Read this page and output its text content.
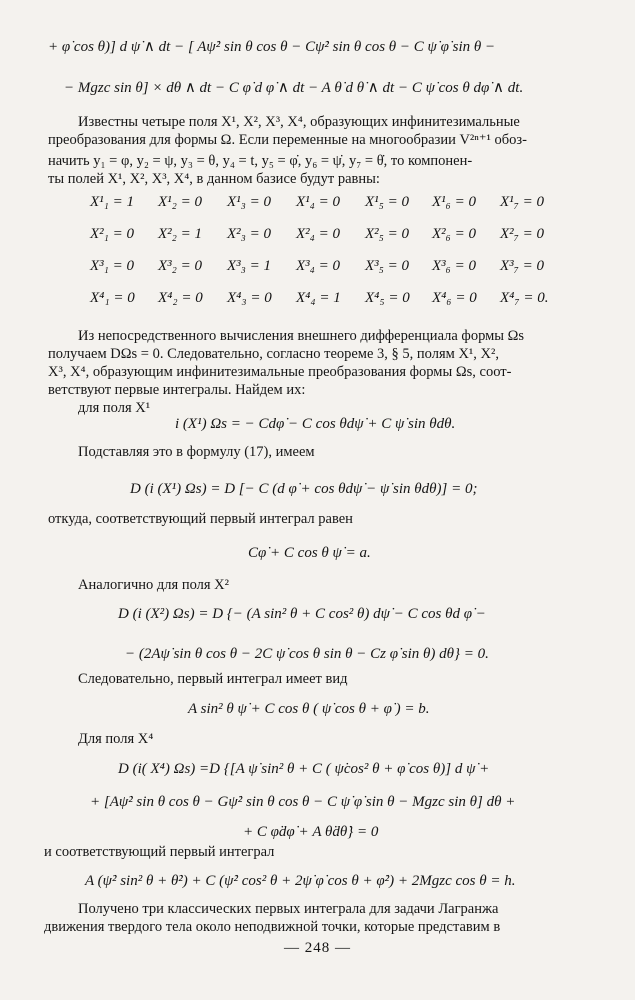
+ φ̇ cos θ)] d ψ̇ ∧ dt − [ Aψ̇² sin θ cos θ − Cψ̇² sin θ cos θ − C ψ̇ φ̇ sin θ −
− Mgzc sin θ] × dθ ∧ dt − C φ̇ d φ̇ ∧ dt − A θ̇ d θ̇ ∧ dt − C ψ̇ cos θ dφ̇ ∧ dt.
Известны четыре поля X¹, X², X³, X⁴, образующих инфинитезимальные
преобразования для формы Ω. Если переменные на многообразии V²ⁿ⁺¹ обоз-
начить y₁ = φ, y₂ = ψ, y₃ = θ, y₄ = t, y₅ = φ̇, y₆ = ψ̇, y₇ = θ̇, то компонен-
ты полей X¹, X², X³, X⁴, в данном базисе будут равны:
X¹₁ = 1 X¹₂ = 0 X¹₃ = 0 X¹₄ = 0 X¹₅ = 0 X¹₆ = 0 X¹₇ = 0
X²₁ = 0 X²₂ = 1 X²₃ = 0 X²₄ = 0 X²₅ = 0 X²₆ = 0 X²₇ = 0
X³₁ = 0 X³₂ = 0 X³₃ = 1 X³₄ = 0 X³₅ = 0 X³₆ = 0 X³₇ = 0
X⁴₁ = 0 X⁴₂ = 0 X⁴₃ = 0 X⁴₄ = 1 X⁴₅ = 0 X⁴₆ = 0 X⁴₇ = 0.
Из непосредственного вычисления внешнего дифференциала формы Ωs
получаем DΩs = 0. Следовательно, согласно теореме 3, § 5, полям X¹, X²,
X³, X⁴, образующим инфинитезимальные преобразования формы Ωs, соот-
ветствуют первые интегралы. Найдем их:
для поля X¹
i (X¹) Ωs = − Cdφ̇ − C cos θdψ̇ + C ψ̇ sin θdθ.
Подставляя это в формулу (17), имеем
D (i (X¹) Ωs) = D [− C (d φ̇ + cos θdψ̇ − ψ̇ sin θdθ)] = 0;
откуда, соответствующий первый интеграл равен
Cφ̇ + C cos θ ψ̇ = a.
Аналогично для поля X²
D (i (X²) Ωs) = D {− (A sin² θ + C cos² θ) dψ̇ − C cos θd φ̇ −
− (2Aψ̇ sin θ cos θ − 2C ψ̇ cos θ sin θ − Cz φ̇ sin θ) dθ} = 0.
Следовательно, первый интеграл имеет вид
A sin² θ ψ̇ + C cos θ ( ψ̇ cos θ + φ̇ ) = b.
Для поля X⁴
D (i( X⁴) Ωs) =D {[A ψ̇ sin² θ + C ( ψ̇cos² θ + φ̇ cos θ)] d ψ̇ +
+ [Aψ̇² sin θ cos θ − Gψ̇² sin θ cos θ − C ψ̇ φ̇ sin θ − Mgzc sin θ] dθ +
+ C φ̇dφ̇ + A θ̇dθ̇} = 0
и соответствующий первый интеграл
A (ψ̇² sin² θ + θ̇²) + C (ψ̇² cos² θ + 2ψ̇ φ̇ cos θ + φ̇²) + 2Mgzc cos θ = h.
Получено три классических первых интеграла для задачи Лагранжа
движения твердого тела около неподвижной точки, которые представим в
— 248 —
